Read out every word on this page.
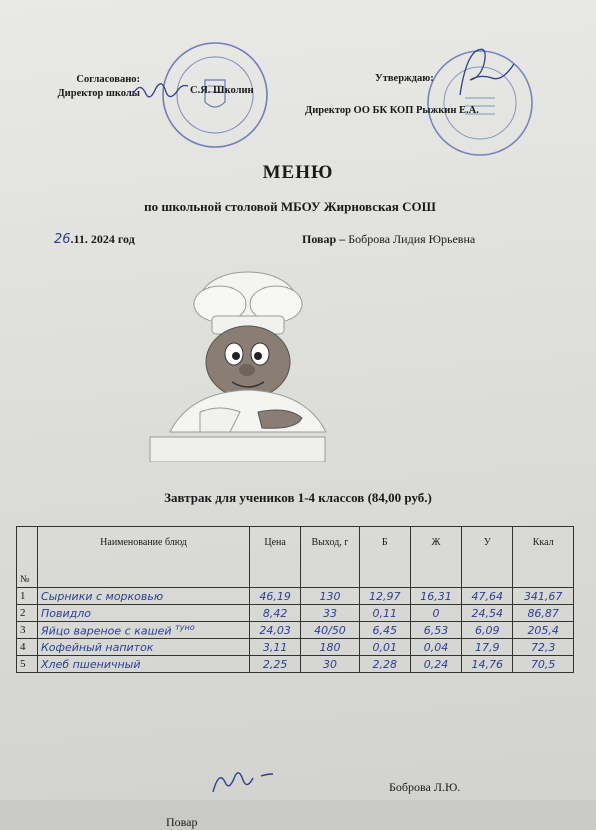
Согласовано:
Директор школы	С.Я. Школин
Утверждаю:
Директор ОО БК КОП Рыжкин Е.А.
МЕНЮ
по школьной столовой МБОУ Жирновская СОШ
26.11. 2024 год	Повар – Боброва Лидия Юрьевна
Завтрак для учеников 1-4 классов (84,00 руб.)
№	Наименование блюд	Цена	Выход, г	Б	Ж	У	Ккал
1	Сырники с морковью	46,19	130	12,97	16,31	47,64	341,67
2	Повидло	8,42	33	0,11	0	24,54	86,87
3	Яйцо вареное с кашей $^{туно}$	24,03	40/50	6,45	6,53	6,09	205,4
4	Кофейный напиток	3,11	180	0,01	0,04	17,9	72,3
5	Хлеб пшеничный	2,25	30	2,28	0,24	14,76	70,5
Повар
Боброва Л.Ю.
